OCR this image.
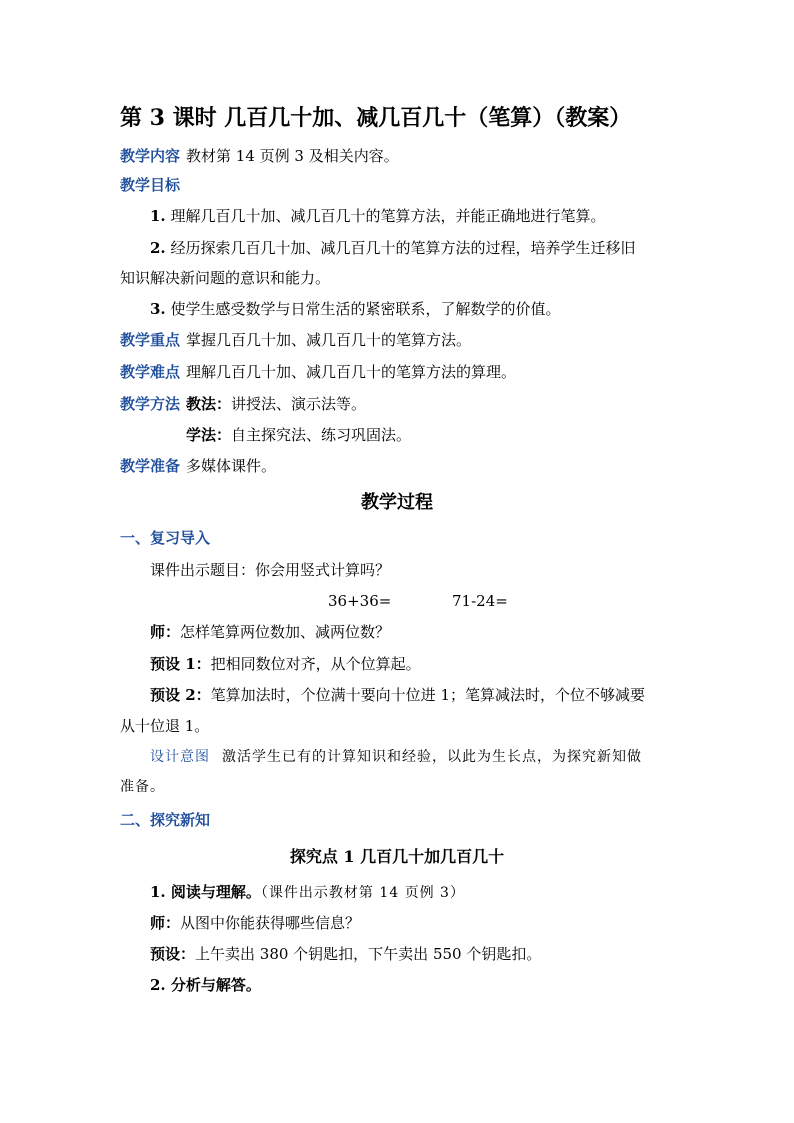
第 3 课时 几百几十加、减几百几十（笔算）（教案）
教学内容 教材第 14 页例 3 及相关内容。
教学目标
1. 理解几百几十加、减几百几十的笔算方法，并能正确地进行笔算。
2. 经历探索几百几十加、减几百几十的笔算方法的过程，培养学生迁移旧
知识解决新问题的意识和能力。
3. 使学生感受数学与日常生活的紧密联系，了解数学的价值。
教学重点 掌握几百几十加、减几百几十的笔算方法。
教学难点 理解几百几十加、减几百几十的笔算方法的算理。
教学方法 教法：讲授法、演示法等。
学法：自主探究法、练习巩固法。
教学准备 多媒体课件。
教学过程
一、复习导入
课件出示题目：你会用竖式计算吗？
36+36=	71-24=
师：怎样笔算两位数加、减两位数？
预设 1：把相同数位对齐，从个位算起。
预设 2：笔算加法时，个位满十要向十位进 1；笔算减法时，个位不够减要
从十位退 1。
设计意图 激活学生已有的计算知识和经验，以此为生长点，为探究新知做
准备。
二、探究新知
探究点 1 几百几十加几百几十
1. 阅读与理解。（课件出示教材第 14 页例 3）
师：从图中你能获得哪些信息？
预设：上午卖出 380 个钥匙扣，下午卖出 550 个钥匙扣。
2. 分析与解答。
